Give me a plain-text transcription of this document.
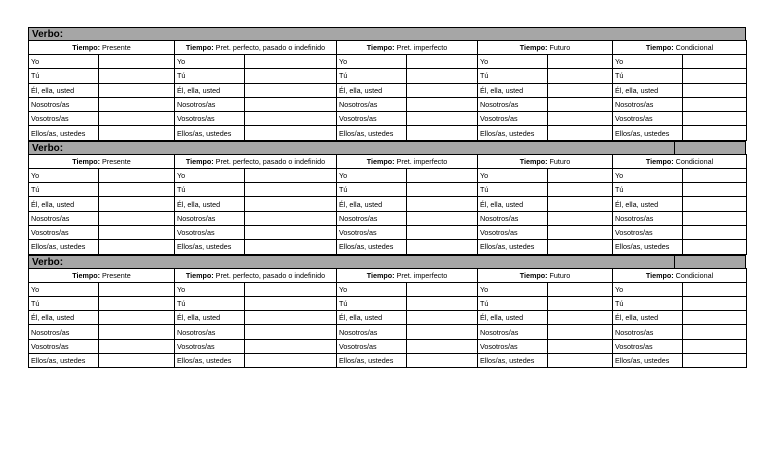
Verbo:
Tiempo: Presente		Tiempo: Pret. perfecto, pasado o indefinido		Tiempo: Pret. imperfecto		Tiempo: Futuro		Tiempo: Condicional	
Yo		Yo		Yo		Yo		Yo	
Tú		Tú		Tú		Tú		Tú	
Él, ella, usted		Él, ella, usted		Él, ella, usted		Él, ella, usted		Él, ella, usted	
Nosotros/as		Nosotros/as		Nosotros/as		Nosotros/as		Nosotros/as	
Vosotros/as		Vosotros/as		Vosotros/as		Vosotros/as		Vosotros/as	
Ellos/as, ustedes		Ellos/as, ustedes		Ellos/as, ustedes		Ellos/as, ustedes		Ellos/as, ustedes	
Verbo:
Tiempo: Presente		Tiempo: Pret. perfecto, pasado o indefinido		Tiempo: Pret. imperfecto		Tiempo: Futuro		Tiempo: Condicional	
Yo		Yo		Yo		Yo		Yo	
Tú		Tú		Tú		Tú		Tú	
Él, ella, usted		Él, ella, usted		Él, ella, usted		Él, ella, usted		Él, ella, usted	
Nosotros/as		Nosotros/as		Nosotros/as		Nosotros/as		Nosotros/as	
Vosotros/as		Vosotros/as		Vosotros/as		Vosotros/as		Vosotros/as	
Ellos/as, ustedes		Ellos/as, ustedes		Ellos/as, ustedes		Ellos/as, ustedes		Ellos/as, ustedes	
Verbo:
Tiempo: Presente		Tiempo: Pret. perfecto, pasado o indefinido		Tiempo: Pret. imperfecto		Tiempo: Futuro		Tiempo: Condicional	
Yo		Yo		Yo		Yo		Yo	
Tú		Tú		Tú		Tú		Tú	
Él, ella, usted		Él, ella, usted		Él, ella, usted		Él, ella, usted		Él, ella, usted	
Nosotros/as		Nosotros/as		Nosotros/as		Nosotros/as		Nosotros/as	
Vosotros/as		Vosotros/as		Vosotros/as		Vosotros/as		Vosotros/as	
Ellos/as, ustedes		Ellos/as, ustedes		Ellos/as, ustedes		Ellos/as, ustedes		Ellos/as, ustedes	
